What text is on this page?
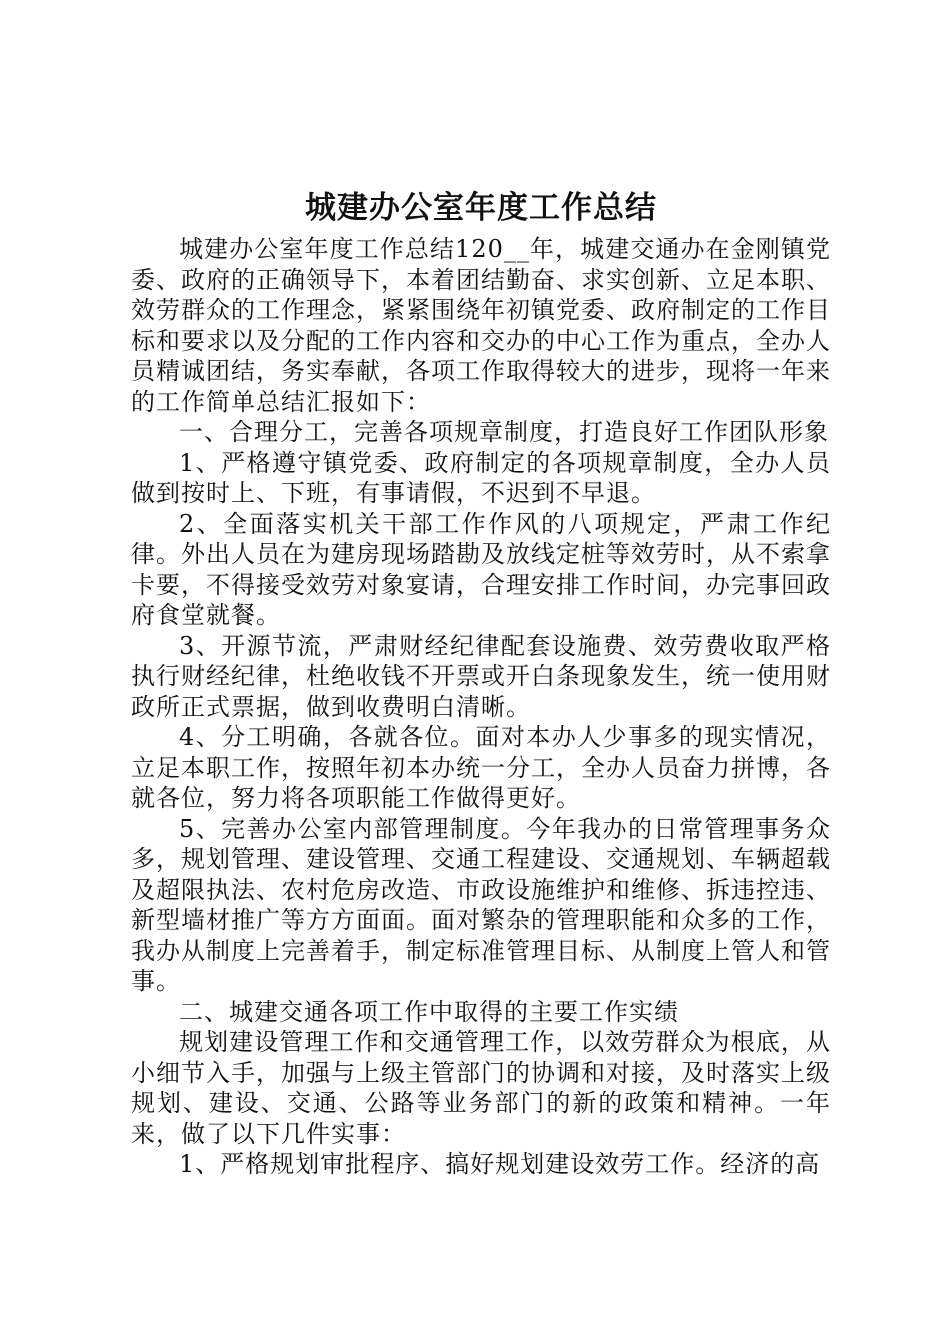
城建办公室年度工作总结

城建办公室年度工作总结120__年，城建交通办在金刚镇党委、政府的正确领导下，本着团结勤奋、求实创新、立足本职、效劳群众的工作理念，紧紧围绕年初镇党委、政府制定的工作目标和要求以及分配的工作内容和交办的中心工作为重点，全办人员精诚团结，务实奉献，各项工作取得较大的进步，现将一年来的工作简单总结汇报如下：

一、合理分工，完善各项规章制度，打造良好工作团队形象

1、严格遵守镇党委、政府制定的各项规章制度，全办人员做到按时上、下班，有事请假，不迟到不早退。

2、全面落实机关干部工作作风的八项规定，严肃工作纪律。外出人员在为建房现场踏勘及放线定桩等效劳时，从不索拿卡要，不得接受效劳对象宴请，合理安排工作时间，办完事回政府食堂就餐。

3、开源节流，严肃财经纪律配套设施费、效劳费收取严格执行财经纪律，杜绝收钱不开票或开白条现象发生，统一使用财政所正式票据，做到收费明白清晰。

4、分工明确，各就各位。面对本办人少事多的现实情况，立足本职工作，按照年初本办统一分工，全办人员奋力拼博，各就各位，努力将各项职能工作做得更好。

5、完善办公室内部管理制度。今年我办的日常管理事务众多，规划管理、建设管理、交通工程建设、交通规划、车辆超载及超限执法、农村危房改造、市政设施维护和维修、拆违控违、新型墙材推广等方方面面。面对繁杂的管理职能和众多的工作，我办从制度上完善着手，制定标准管理目标、从制度上管人和管事。

二、城建交通各项工作中取得的主要工作实绩

规划建设管理工作和交通管理工作，以效劳群众为根底，从小细节入手，加强与上级主管部门的协调和对接，及时落实上级规划、建设、交通、公路等业务部门的新的政策和精神。一年来，做了以下几件实事：

1、严格规划审批程序、搞好规划建设效劳工作。经济的高
